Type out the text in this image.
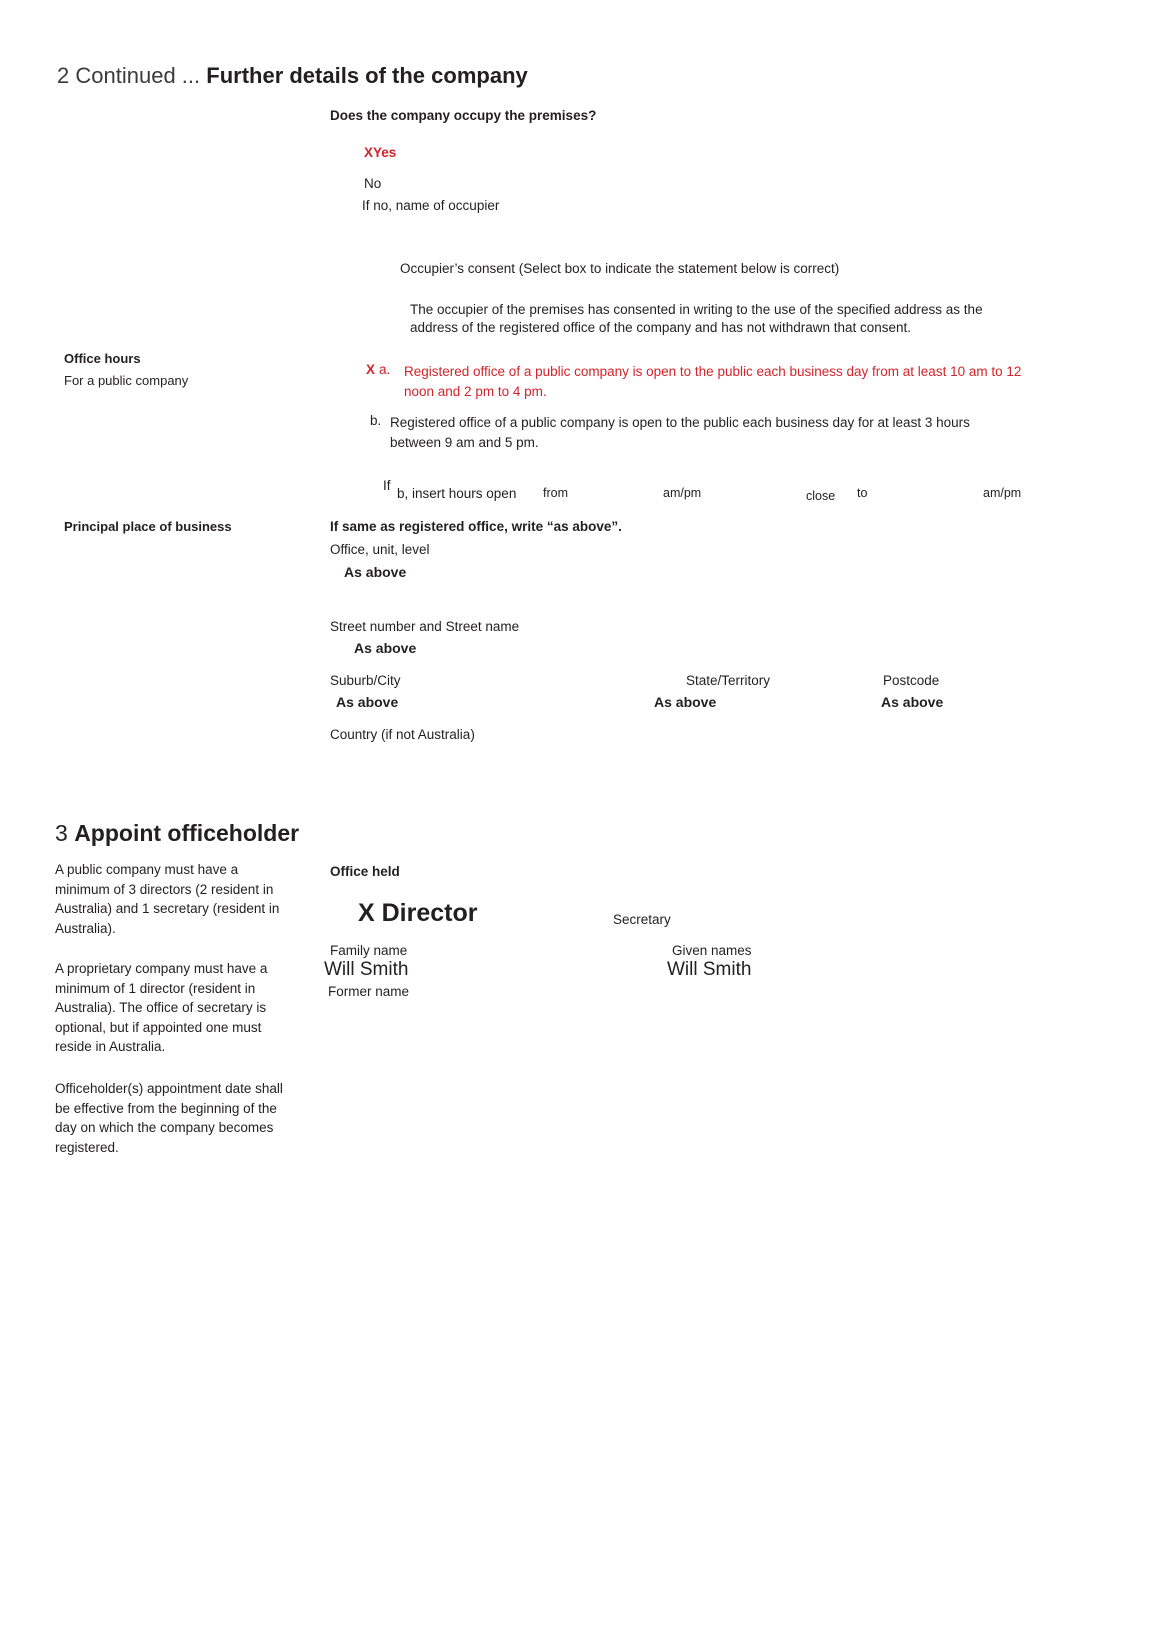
2 Continued ... Further details of the company
Does the company occupy the premises?
XYes
No
If no, name of occupier
Occupier’s consent (Select box to indicate the statement below is correct)
The occupier of the premises has consented in writing to the use of the specified address as the
address of the registered office of the company and has not withdrawn that consent.
Office hours
For a public company
X a. Registered office of a public company is open to the public each business day from at least 10 am to 12
noon and 2 pm to 4 pm.
b. Registered office of a public company is open to the public each business day for at least 3 hours
between 9 am and 5 pm.
If
b, insert hours open from	am/pm	close to	am/pm
Principal place of business	If same as registered office, write “as above”.
Office, unit, level
As above
Street number and Street name
As above
Suburb/City
As above
State/Territory
As above
Postcode
As above
Country (if not Australia)
3 Appoint officeholder
A public company must have a minimum of 3 directors (2 resident in Australia) and 1 secretary (resident in Australia).
A proprietary company must have a minimum of 1 director (resident in Australia). The office of secretary is optional, but if appointed one must reside in Australia.
Officeholder(s) appointment date shall be effective from the beginning of the day on which the company becomes registered.
Office held
X Director	Secretary
Family name
Will Smith
Given names
Will Smith
Former name
